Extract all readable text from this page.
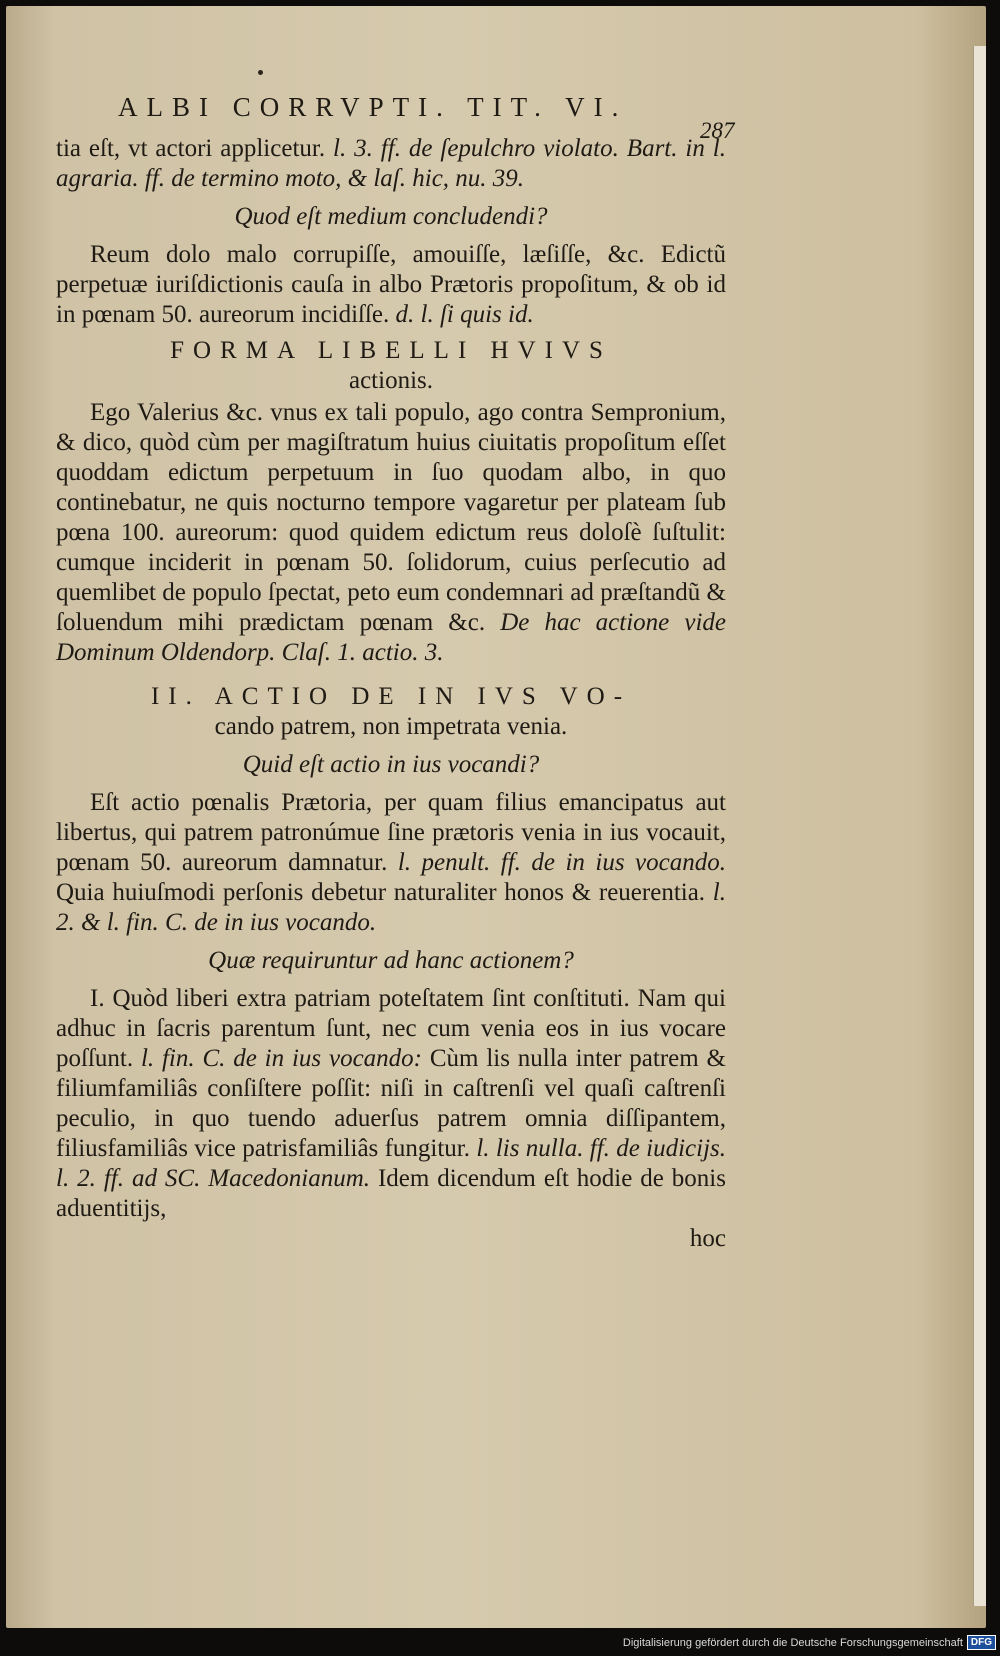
ALBI CORRVPTI. TIT. VI.
287

tia eſt, vt actori applicetur. l. 3. ff. de ſepulchro violato. Bart. in l. agraria. ff. de termino moto, & laſ. hic, nu. 39.

Quod eſt medium concludendi?

Reum dolo malo corrupiſſe, amouiſſe, læſiſſe, &c. Edictũ perpetuæ iuriſdictionis cauſa in albo Prætoris propoſitum, & ob id in pœnam 50. aureorum incidiſſe. d. l. ſi quis id.

FORMA LIBELLI HVIVS

actionis.

Ego Valerius &c. vnus ex tali populo, ago contra Sempronium, & dico, quòd cùm per magiſtratum huius ciuitatis propoſitum eſſet quoddam edictum perpetuum in ſuo quodam albo, in quo continebatur, ne quis nocturno tempore vagaretur per plateam ſub pœna 100. aureorum: quod quidem edictum reus doloſè ſuſtulit: cumque inciderit in pœnam 50. ſolidorum, cuius perſecutio ad quemlibet de populo ſpectat, peto eum condemnari ad præſtandũ & ſoluendum mihi prædictam pœnam &c. De hac actione vide Dominum Oldendorp. Claſ. 1. actio. 3.

II. ACTIO DE IN IVS VO-

cando patrem, non impetrata venia.

Quid eſt actio in ius vocandi?

Eſt actio pœnalis Prætoria, per quam filius emancipatus aut libertus, qui patrem patronúmue ſine prætoris venia in ius vocauit, pœnam 50. aureorum damnatur. l. penult. ff. de in ius vocando. Quia huiuſmodi perſonis debetur naturaliter honos & reuerentia. l. 2. & l. fin. C. de in ius vocando.

Quæ requiruntur ad hanc actionem?

I. Quòd liberi extra patriam poteſtatem ſint conſtituti. Nam qui adhuc in ſacris parentum ſunt, nec cum venia eos in ius vocare poſſunt. l. fin. C. de in ius vocando: Cùm lis nulla inter patrem & filiumfamiliâs conſiſtere poſſit: niſi in caſtrenſi vel quaſi caſtrenſi peculio, in quo tuendo aduerſus patrem omnia diſſipantem, filiusfamiliâs vice patrisfamiliâs fungitur. l. lis nulla. ff. de iudicijs. l. 2. ff. ad SC. Macedonianum. Idem dicendum eſt hodie de bonis aduentitijs,

hoc

Digitalisierung gefördert durch die Deutsche Forschungsgemeinschaft DFG
